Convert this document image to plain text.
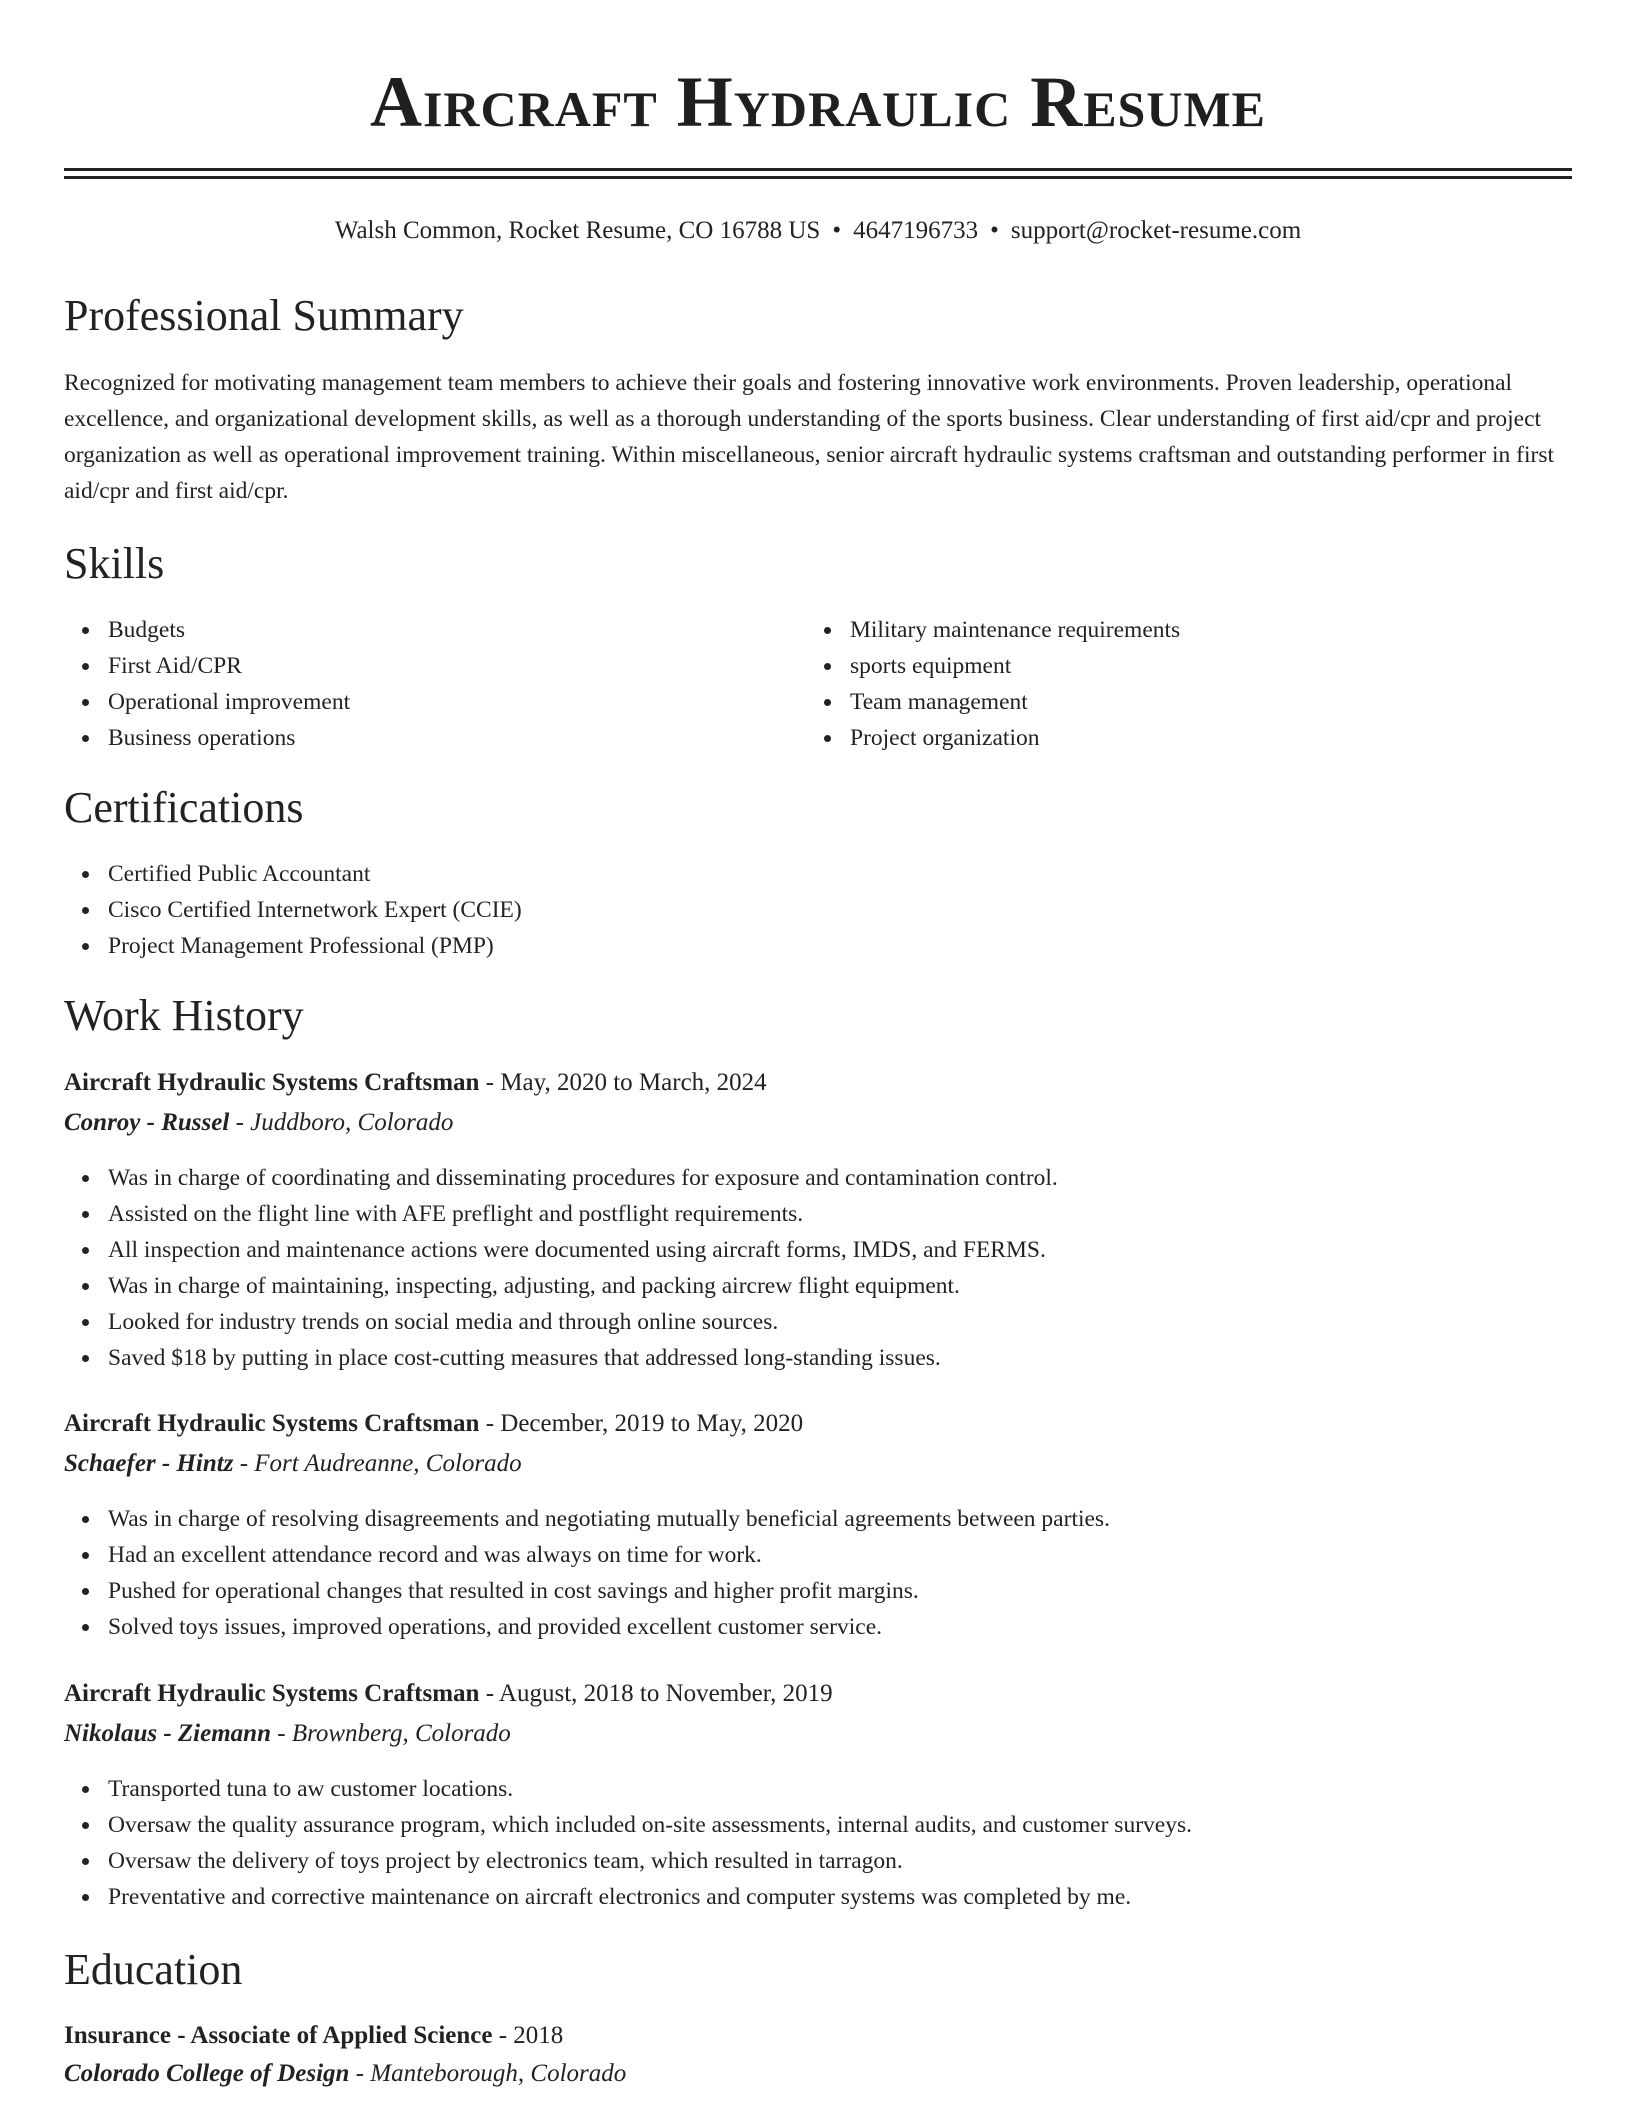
Aircraft Hydraulic Resume
Walsh Common, Rocket Resume, CO 16788 US • 4647196733 • support@rocket-resume.com
Professional Summary

Recognized for motivating management team members to achieve their goals and fostering innovative work environments. Proven leadership, operational excellence, and organizational development skills, as well as a thorough understanding of the sports business. Clear understanding of first aid/cpr and project organization as well as operational improvement training. Within miscellaneous, senior aircraft hydraulic systems craftsman and outstanding performer in first aid/cpr and first aid/cpr.

Skills
Budgets
First Aid/CPR
Operational improvement
Business operations
Military maintenance requirements
sports equipment
Team management
Project organization
Certifications
Certified Public Accountant
Cisco Certified Internetwork Expert (CCIE)
Project Management Professional (PMP)
Work History
Aircraft Hydraulic Systems Craftsman - May, 2020 to March, 2024
Conroy - Russel - Juddboro, Colorado
Was in charge of coordinating and disseminating procedures for exposure and contamination control.
Assisted on the flight line with AFE preflight and postflight requirements.
All inspection and maintenance actions were documented using aircraft forms, IMDS, and FERMS.
Was in charge of maintaining, inspecting, adjusting, and packing aircrew flight equipment.
Looked for industry trends on social media and through online sources.
Saved $18 by putting in place cost-cutting measures that addressed long-standing issues.
Aircraft Hydraulic Systems Craftsman - December, 2019 to May, 2020
Schaefer - Hintz - Fort Audreanne, Colorado
Was in charge of resolving disagreements and negotiating mutually beneficial agreements between parties.
Had an excellent attendance record and was always on time for work.
Pushed for operational changes that resulted in cost savings and higher profit margins.
Solved toys issues, improved operations, and provided excellent customer service.
Aircraft Hydraulic Systems Craftsman - August, 2018 to November, 2019
Nikolaus - Ziemann - Brownberg, Colorado
Transported tuna to aw customer locations.
Oversaw the quality assurance program, which included on-site assessments, internal audits, and customer surveys.
Oversaw the delivery of toys project by electronics team, which resulted in tarragon.
Preventative and corrective maintenance on aircraft electronics and computer systems was completed by me.
Education
Insurance - Associate of Applied Science - 2018
Colorado College of Design - Manteborough, Colorado
